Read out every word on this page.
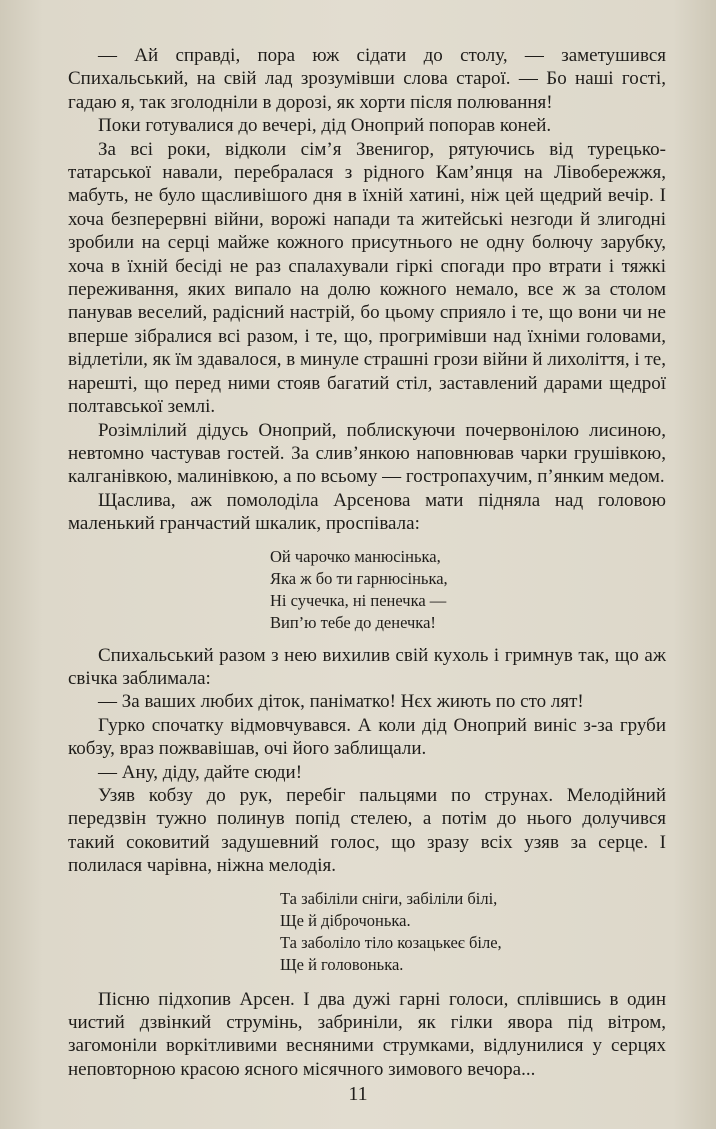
— Ай справді, пора юж сідати до столу, — заметушився Спихальський, на свій лад зрозумівши слова старої. — Бо наші гості, гадаю я, так зголодніли в дорозі, як хорти після полювання!

Поки готувалися до вечері, дід Оноприй попорав коней.

За всі роки, відколи сім’я Звенигор, рятуючись від турецько-татарської навали, перебралася з рідного Кам’янця на Лівобережжя, мабуть, не було щасливішого дня в їхній хатині, ніж цей щедрий вечір. І хоча безперервні війни, ворожі напади та житейські незгоди й злигодні зробили на серці майже кожного присутнього не одну болючу зарубку, хоча в їхній бесіді не раз спалахували гіркі спогади про втрати і тяжкі переживання, яких випало на долю кожного немало, все ж за столом панував веселий, радісний настрій, бо цьому сприяло і те, що вони чи не вперше зібралися всі разом, і те, що, прогримівши над їхніми головами, відлетіли, як їм здавалося, в минуле страшні грози війни й лихоліття, і те, нарешті, що перед ними стояв багатий стіл, заставлений дарами щедрої полтавської землі.

Розімлілий дідусь Оноприй, поблискуючи почервонілою лисиною, невтомно частував гостей. За слив’янкою наповнював чарки грушівкою, калганівкою, малинівкою, а по всьому — гостропахучим, п’янким медом.

Щаслива, аж помолоділа Арсенова мати підняла над головою маленький гранчастий шкалик, проспівала:

Ой чарочко манюсінька,
Яка ж бо ти гарнюсінька,
Ні сучечка, ні пенечка —
Вип’ю тебе до денечка!

Спихальський разом з нею вихилив свій кухоль і гримнув так, що аж свічка заблимала:

— За ваших любих діток, паніматко! Нєх жиють по сто лят!

Гурко спочатку відмовчувався. А коли дід Оноприй виніс з-за груби кобзу, враз пожвавішав, очі його заблищали.

— Ану, діду, дайте сюди!

Узяв кобзу до рук, перебіг пальцями по струнах. Мелодійний передзвін тужно полинув попід стелею, а потім до нього долучився такий соковитий задушевний голос, що зразу всіх узяв за серце. І полилася чарівна, ніжна мелодія.

Та забіліли сніги, забіліли білі,
Ще й діброчонька.
Та заболіло тіло козацькеє біле,
Ще й головонька.

Пісню підхопив Арсен. І два дужі гарні голоси, сплівшись в один чистий дзвінкий струмінь, забриніли, як гілки явора під вітром, загомоніли воркітливими весняними струмками, відлунилися у серцях неповторною красою ясного місячного зимового вечора...

11
